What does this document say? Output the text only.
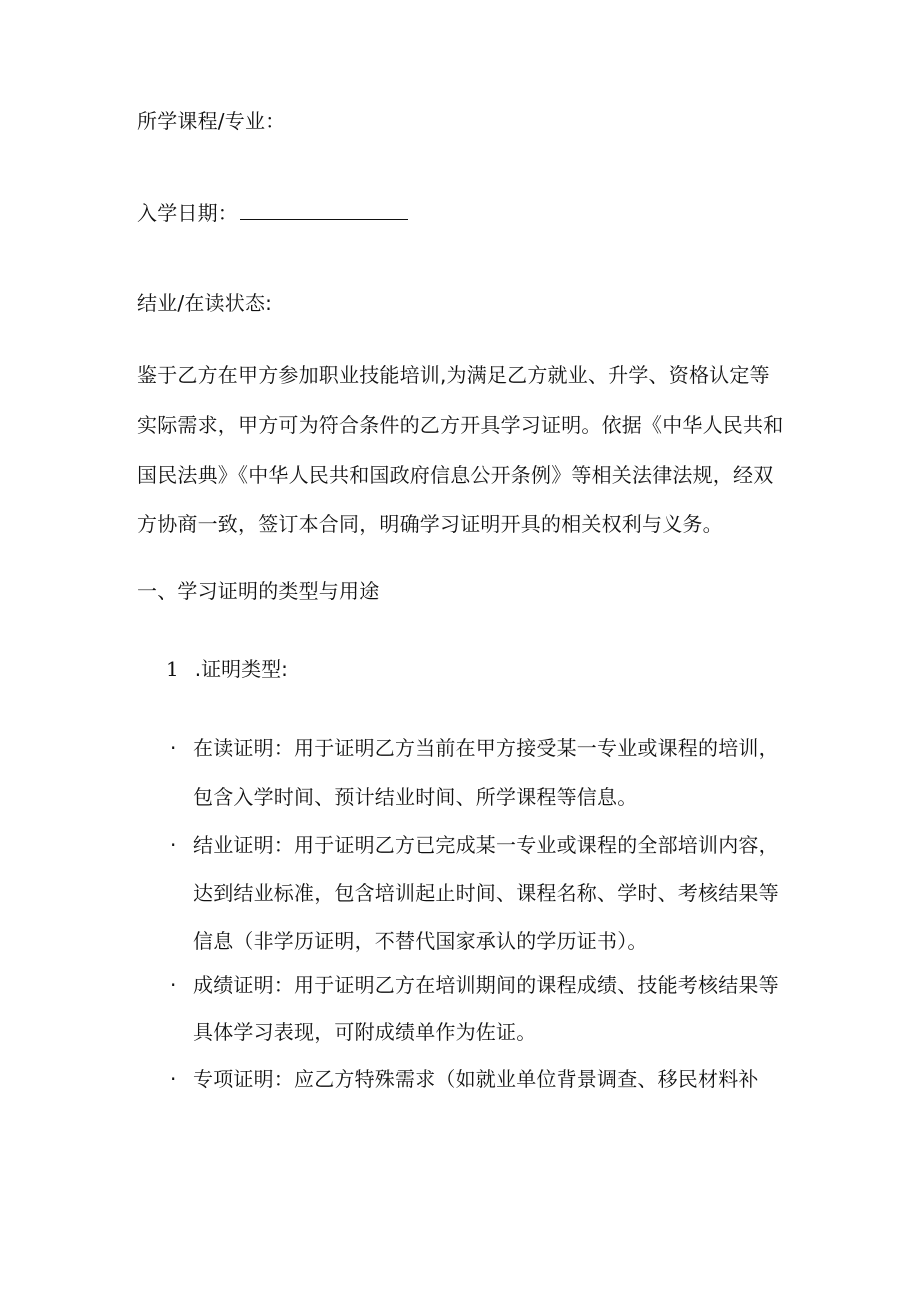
所学课程/专业：
入学日期：
结业/在读状态:
鉴于乙方在甲方参加职业技能培训,为满足乙方就业、升学、资格认定等
实际需求，甲方可为符合条件的乙方开具学习证明。依据《中华人民共和
国民法典》《中华人民共和国政府信息公开条例》等相关法律法规，经双
方协商一致，签订本合同，明确学习证明开具的相关权利与义务。
一、学习证明的类型与用途
1 .证明类型:
· 在读证明：用于证明乙方当前在甲方接受某一专业或课程的培训，
包含入学时间、预计结业时间、所学课程等信息。
· 结业证明：用于证明乙方已完成某一专业或课程的全部培训内容，
达到结业标准，包含培训起止时间、课程名称、学时、考核结果等
信息（非学历证明，不替代国家承认的学历证书）。
· 成绩证明：用于证明乙方在培训期间的课程成绩、技能考核结果等
具体学习表现，可附成绩单作为佐证。
· 专项证明：应乙方特殊需求（如就业单位背景调查、移民材料补
